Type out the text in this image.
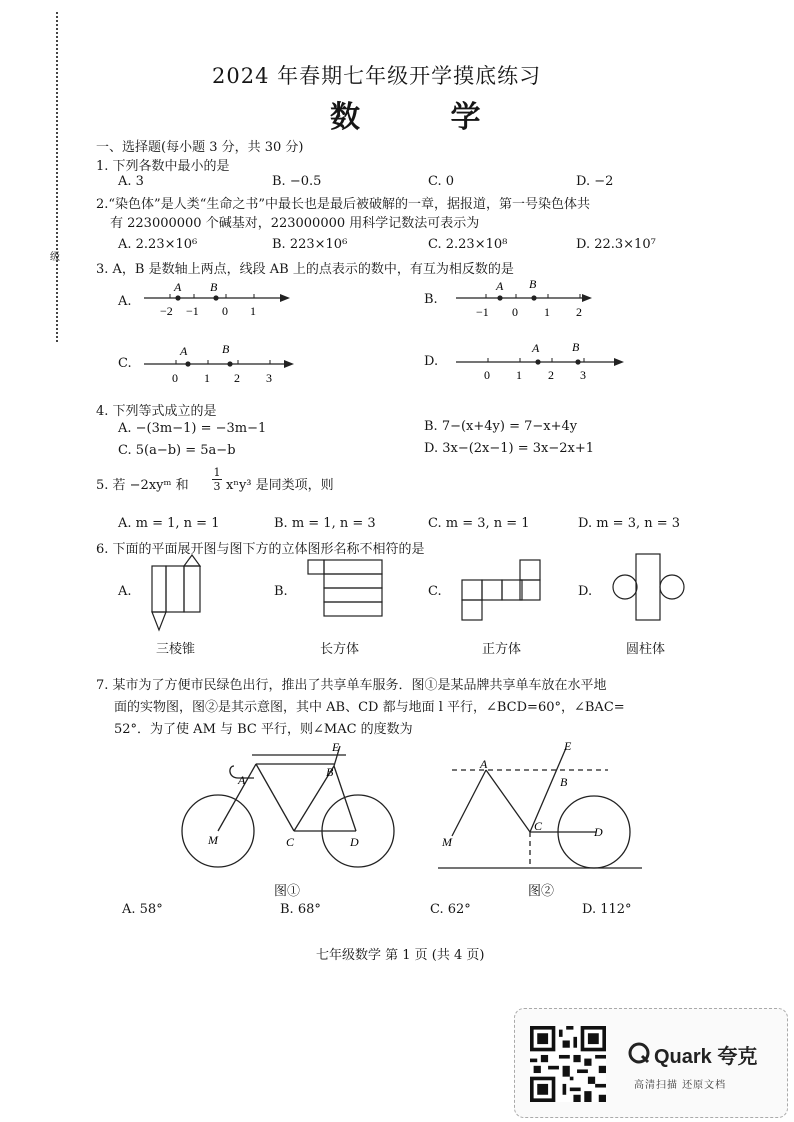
级
2024 年春期七年级开学摸底练习
数 学
一、选择题(每小题 3 分，共 30 分)
1. 下列各数中最小的是
A. 3	B. −0.5	C. 0	D. −2
2.“染色体”是人类“生命之书”中最长也是最后被破解的一章，据报道，第一号染色体共
有 223000000 个碱基对，223000000 用科学记数法可表示为
A. 2.23×10⁶	B. 223×10⁶	C. 2.23×10⁸	D. 22.3×10⁷
3. A，B 是数轴上两点，线段 AB 上的点表示的数中，有互为相反数的是
A.	B.
C.	D.
A B
−2 −1 0 1
A B
−1 0 1 2
A	B
0 1 2 3
A	B
0 1 2 3
4. 下列等式成立的是
A. −(3m−1) = −3m−1	B. 7−(x+4y) = 7−x+4y
C. 5(a−b) = 5a−b	D. 3x−(2x−1) = 3x−2x+1
5. 若 −2xyᵐ 和 $\frac{1}{3} x^ny^3$ 是同类项，则
A. m = 1, n = 1	B. m = 1, n = 3	C. m = 3, n = 1	D. m = 3, n = 3
6. 下面的平面展开图与图下方的立体图形名称不相符的是
A.	B.	C.	D.
三棱锥	长方体	正方体	圆柱体
7. 某市为了方便市民绿色出行，推出了共享单车服务．图①是某品牌共享单车放在水平地
面的实物图，图②是其示意图，其中 AB、CD 都与地面 l 平行，∠BCD=60°，∠BAC=
52°．为了使 AM 与 BC 平行，则∠MAC 的度数为
M	C	D
A
B
E
图①
A
B
C	D
E
M
图②
A. 58°	B. 68°	C. 62°	D. 112°
七年级数学 第 1 页 (共 4 页)
Quark 夸克
高清扫描 还原文档
